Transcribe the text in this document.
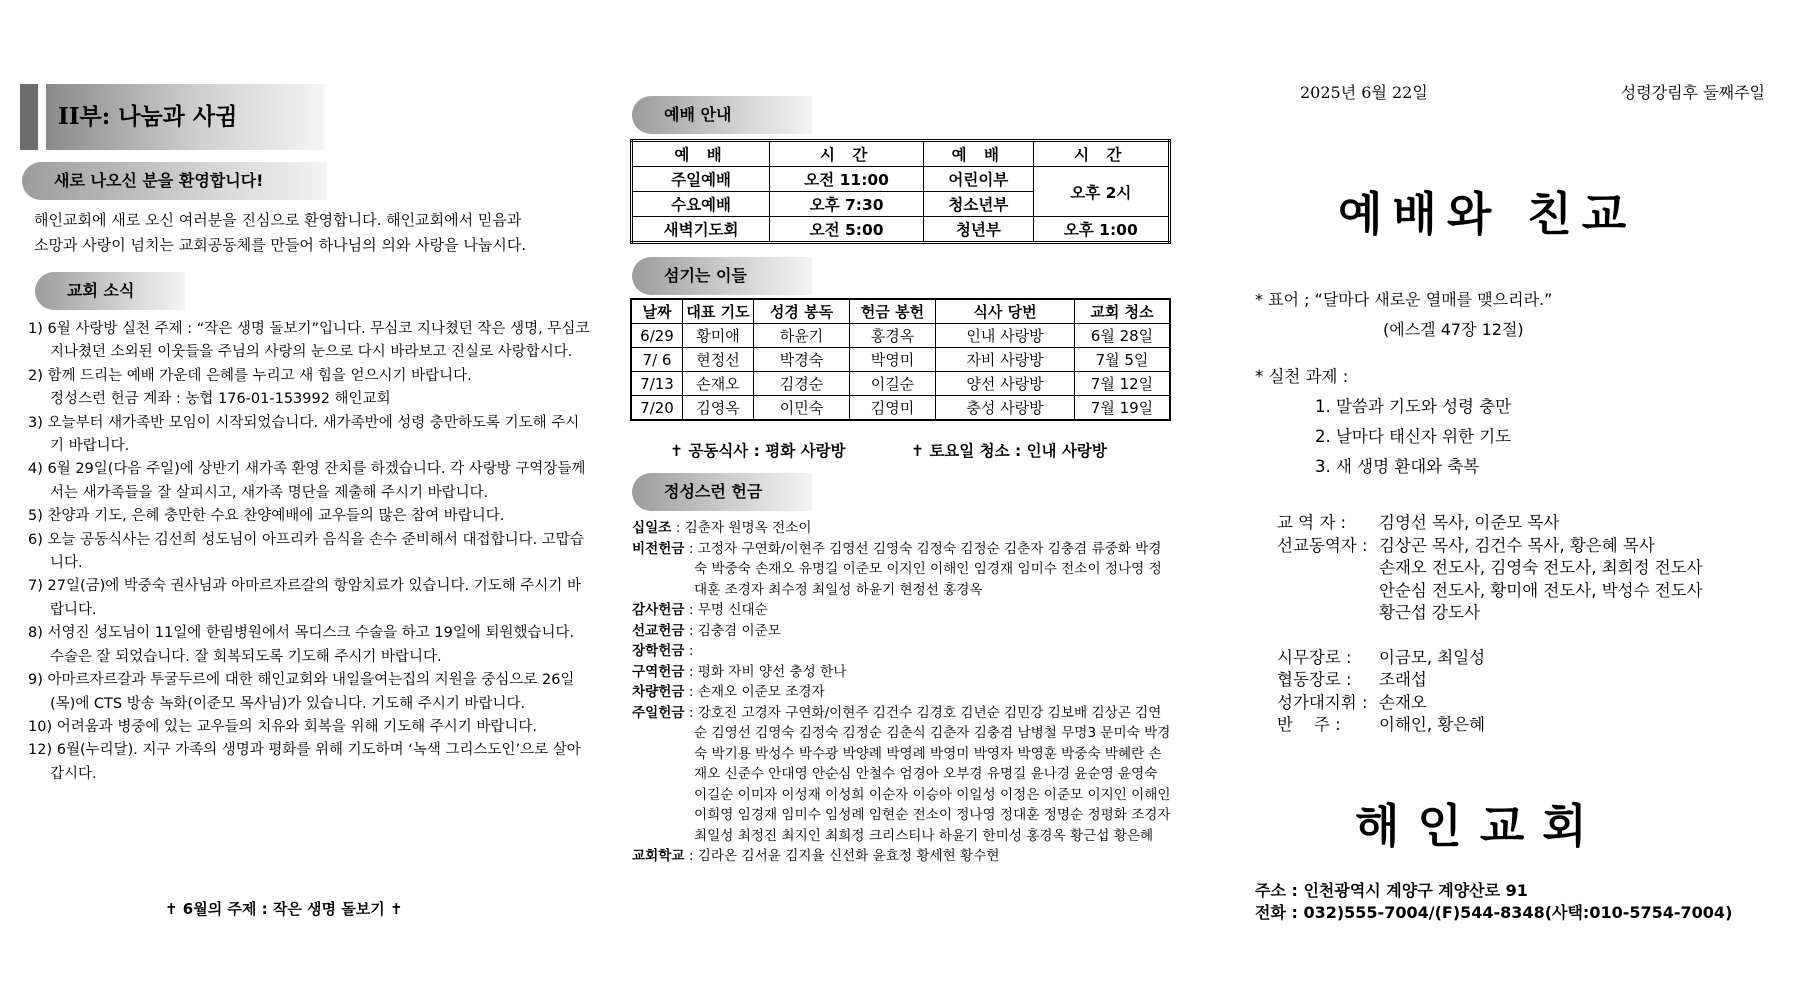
II부: 나눔과 사귐
새로 나오신 분을 환영합니다!
해인교회에 새로 오신 여러분을 진심으로 환영합니다. 해인교회에서 믿음과
소망과 사랑이 넘치는 교회공동체를 만들어 하나님의 의와 사랑을 나눕시다.
교회 소식
1) 6월 사랑방 실천 주제 : “작은 생명 돌보기”입니다. 무심코 지나쳤던 작은 생명, 무심코 지나쳤던 소외된 이웃들을 주님의 사랑의 눈으로 다시 바라보고 진실로 사랑합시다.
2) 함께 드리는 예배 가운데 은혜를 누리고 새 힘을 얻으시기 바랍니다.
정성스런 헌금 계좌 : 농협 176-01-153992 해인교회
3) 오늘부터 새가족반 모임이 시작되었습니다. 새가족반에 성령 충만하도록 기도해 주시기 바랍니다.
4) 6월 29일(다음 주일)에 상반기 새가족 환영 잔치를 하겠습니다. 각 사랑방 구역장들께서는 새가족들을 잘 살피시고, 새가족 명단을 제출해 주시기 바랍니다.
5) 찬양과 기도, 은혜 충만한 수요 찬양예배에 교우들의 많은 참여 바랍니다.
6) 오늘 공동식사는 김선희 성도님이 아프리카 음식을 손수 준비해서 대접합니다. 고맙습니다.
7) 27일(금)에 박중숙 권사님과 아마르자르갈의 항암치료가 있습니다. 기도해 주시기 바랍니다.
8) 서영진 성도님이 11일에 한림병원에서 목디스크 수술을 하고 19일에 퇴원했습니다. 수술은 잘 되었습니다. 잘 회복되도록 기도해 주시기 바랍니다.
9) 아마르자르갈과 투굴두르에 대한 해인교회와 내일을여는집의 지원을 중심으로 26일(목)에 CTS 방송 녹화(이준모 목사님)가 있습니다. 기도해 주시기 바랍니다.
10) 어려움과 병중에 있는 교우들의 치유와 회복을 위해 기도해 주시기 바랍니다.
12) 6월(누리달). 지구 가족의 생명과 평화를 위해 기도하며 ‘녹색 그리스도인’으로 살아갑시다.
✝ 6월의 주제 : 작은 생명 돌보기 ✝
예배 안내
예 배	시 간	예 배	시 간
주일예배	오전 11:00	어린이부	오후 2시
수요예배	오후 7:30	청소년부	
새벽기도회	오전 5:00	청년부	오후 1:00
섬기는 이들
날짜	대표 기도	성경 봉독	헌금 봉헌	식사 당번	교회 청소
6/29	황미애	하윤기	홍경옥	인내 사랑방	6월 28일
7/ 6	현정선	박경숙	박영미	자비 사랑방	7월 5일
7/13	손재오	김경순	이길순	양선 사랑방	7월 12일
7/20	김영옥	이민숙	김영미	충성 사랑방	7월 19일
✝ 공동식사 : 평화 사랑방	✝ 토요일 청소 : 인내 사랑방
정성스런 헌금
십일조 : 김춘자 원명옥 전소이
비전헌금 : 고정자 구연화/이현주 김영선 김영숙 김정숙 김정순 김춘자 김충겸 류중화 박경숙 박중숙 손재오 유명길 이준모 이지인 이해인 임경재 임미수 전소이 정나영 정대훈 조경자 최수정 최일성 하윤기 현정선 홍경옥
감사헌금 : 무명 신대순
선교헌금 : 김충겸 이준모
장학헌금 :
구역헌금 : 평화 자비 양선 충성 한나
차량헌금 : 손재오 이준모 조경자
주일헌금 : 강호진 고경자 구연화/이현주 김건수 김경호 김년순 김민강 김보배 김상곤 김연순 김영선 김영숙 김정숙 김정순 김춘식 김춘자 김충겸 남병철 무명3 문미숙 박경숙 박기용 박성수 박수광 박양례 박영례 박영미 박영자 박영훈 박중숙 박혜란 손재오 신준수 안대영 안순심 안철수 엄경아 오부경 유명길 윤나경 윤순영 윤영숙 이길순 이미자 이성재 이성희 이순자 이승아 이일성 이정은 이준모 이지인 이해인 이희영 임경재 임미수 임성례 임현순 전소이 정나영 정대훈 정명순 정평화 조경자 최일성 최정진 최지인 최희정 크리스티나 하윤기 한미성 홍경옥 황근섭 황은혜
교회학교 : 김라온 김서윤 김지율 신선화 윤효정 황세현 황수현
2025년 6월 22일	성령강림후 둘째주일
예배와 친교
* 표어 ; “달마다 새로운 열매를 맺으리라.”
(에스겔 47장 12절)
* 실천 과제 :
1. 말씀과 기도와 성령 충만
2. 날마다 태신자 위한 기도
3. 새 생명 환대와 축복
교 역 자 :	김영선 목사, 이준모 목사
선교동역자 : 김상곤 목사, 김건수 목사, 황은혜 목사
손재오 전도사, 김영숙 전도사, 최희정 전도사
안순심 전도사, 황미애 전도사, 박성수 전도사
황근섭 강도사
시무장로 :	이금모, 최일성
협동장로 :	조래섭
성가대지휘 : 손재오
반    주 :	이해인, 황은혜
해인교회
주소 : 인천광역시 계양구 계양산로 91
전화 : 032)555-7004/(F)544-8348(사택:010-5754-7004)
